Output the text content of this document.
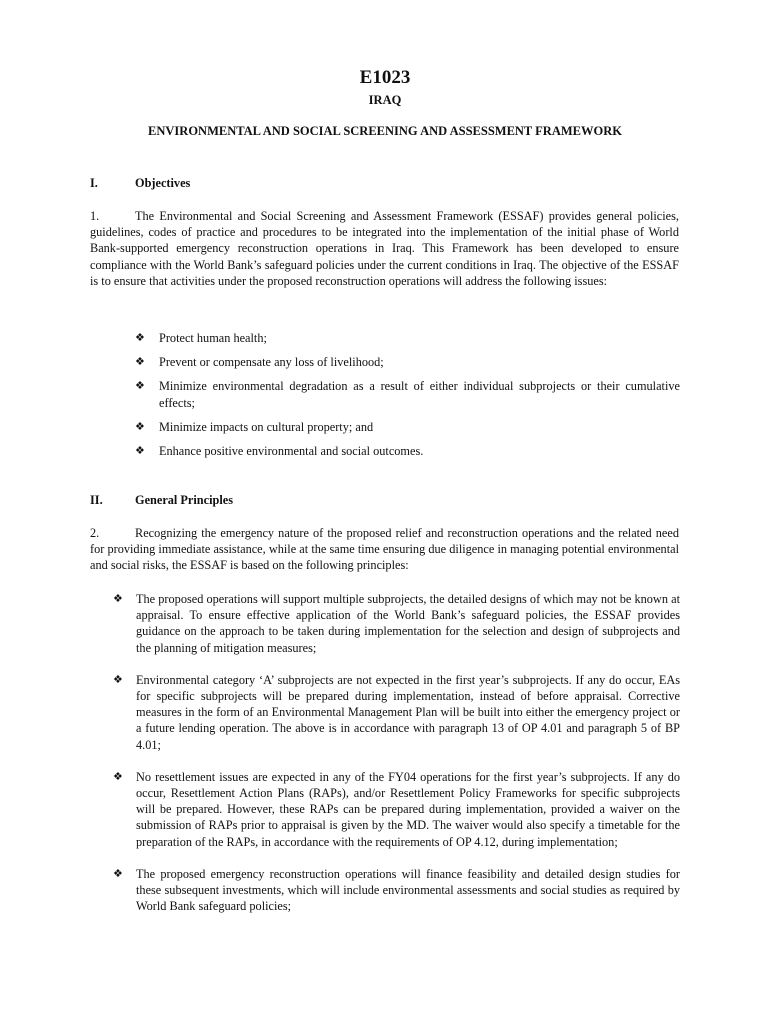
E1023
IRAQ
ENVIRONMENTAL AND SOCIAL SCREENING AND ASSESSMENT FRAMEWORK
I.	Objectives

1.	The Environmental and Social Screening and Assessment Framework (ESSAF) provides general policies, guidelines, codes of practice and procedures to be integrated into the implementation of the initial phase of World Bank-supported emergency reconstruction operations in Iraq. This Framework has been developed to ensure compliance with the World Bank’s safeguard policies under the current conditions in Iraq. The objective of the ESSAF is to ensure that activities under the proposed reconstruction operations will address the following issues:

❖ Protect human health;
❖ Prevent or compensate any loss of livelihood;
❖ Minimize environmental degradation as a result of either individual subprojects or their cumulative effects;
❖ Minimize impacts on cultural property; and
❖ Enhance positive environmental and social outcomes.
II.	General Principles

2.	Recognizing the emergency nature of the proposed relief and reconstruction operations and the related need for providing immediate assistance, while at the same time ensuring due diligence in managing potential environmental and social risks, the ESSAF is based on the following principles:

❖ The proposed operations will support multiple subprojects, the detailed designs of which may not be known at appraisal. To ensure effective application of the World Bank’s safeguard policies, the ESSAF provides guidance on the approach to be taken during implementation for the selection and design of subprojects and the planning of mitigation measures;
❖ Environmental category ‘A’ subprojects are not expected in the first year’s subprojects. If any do occur, EAs for specific subprojects will be prepared during implementation, instead of before appraisal. Corrective measures in the form of an Environmental Management Plan will be built into either the emergency project or a future lending operation. The above is in accordance with paragraph 13 of OP 4.01 and paragraph 5 of BP 4.01;
❖ No resettlement issues are expected in any of the FY04 operations for the first year’s subprojects. If any do occur, Resettlement Action Plans (RAPs), and/or Resettlement Policy Frameworks for specific subprojects will be prepared. However, these RAPs can be prepared during implementation, provided a waiver on the submission of RAPs prior to appraisal is given by the MD. The waiver would also specify a timetable for the preparation of the RAPs, in accordance with the requirements of OP 4.12, during implementation;
❖ The proposed emergency reconstruction operations will finance feasibility and detailed design studies for these subsequent investments, which will include environmental assessments and social studies as required by World Bank safeguard policies;
